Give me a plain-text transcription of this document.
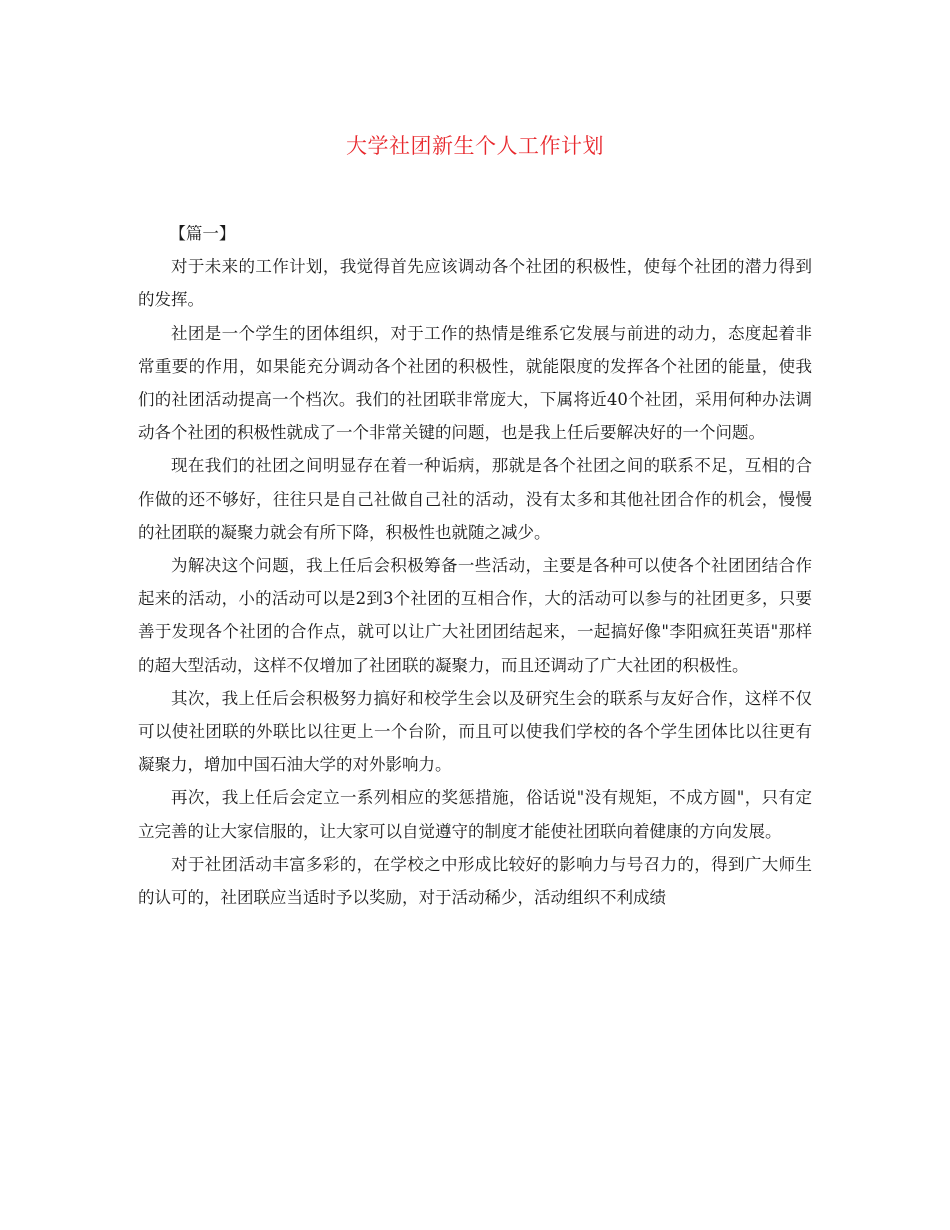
大学社团新生个人工作计划

【篇一】

对于未来的工作计划，我觉得首先应该调动各个社团的积极性，使每个社团的潜力得到的发挥。

社团是一个学生的团体组织，对于工作的热情是维系它发展与前进的动力，态度起着非常重要的作用，如果能充分调动各个社团的积极性，就能限度的发挥各个社团的能量，使我们的社团活动提高一个档次。我们的社团联非常庞大，下属将近40个社团，采用何种办法调动各个社团的积极性就成了一个非常关键的问题，也是我上任后要解决好的一个问题。

现在我们的社团之间明显存在着一种诟病，那就是各个社团之间的联系不足，互相的合作做的还不够好，往往只是自己社做自己社的活动，没有太多和其他社团合作的机会，慢慢的社团联的凝聚力就会有所下降，积极性也就随之减少。

为解决这个问题，我上任后会积极筹备一些活动，主要是各种可以使各个社团团结合作起来的活动，小的活动可以是2到3个社团的互相合作，大的活动可以参与的社团更多，只要善于发现各个社团的合作点，就可以让广大社团团结起来，一起搞好像"李阳疯狂英语"那样的超大型活动，这样不仅增加了社团联的凝聚力，而且还调动了广大社团的积极性。

其次，我上任后会积极努力搞好和校学生会以及研究生会的联系与友好合作，这样不仅可以使社团联的外联比以往更上一个台阶，而且可以使我们学校的各个学生团体比以往更有凝聚力，增加中国石油大学的对外影响力。

再次，我上任后会定立一系列相应的奖惩措施，俗话说"没有规矩，不成方圆"，只有定立完善的让大家信服的，让大家可以自觉遵守的制度才能使社团联向着健康的方向发展。

对于社团活动丰富多彩的，在学校之中形成比较好的影响力与号召力的，得到广大师生的认可的，社团联应当适时予以奖励，对于活动稀少，活动组织不利成绩
